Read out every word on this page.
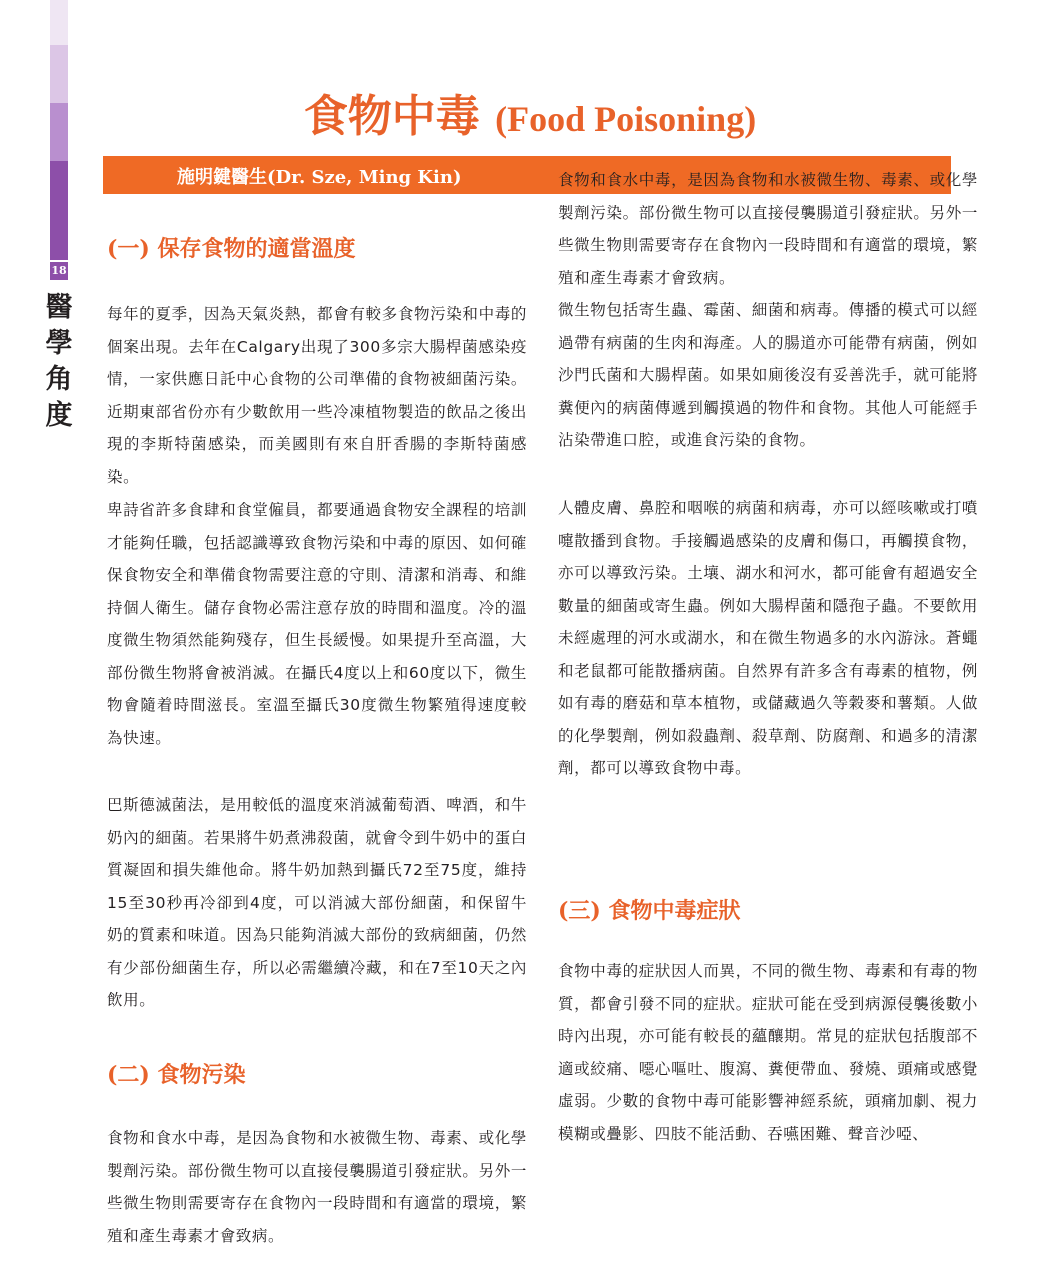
18
醫
學
角
度
食物中毒 (Food Poisoning)
施明鍵醫生(Dr. Sze, Ming Kin)
(一) 保存食物的適當溫度
每年的夏季，因為天氣炎熱，都會有較多食物污染和中毒的個案出現。去年在Calgary出現了300多宗大腸桿菌感染疫情，一家供應日託中心食物的公司準備的食物被細菌污染。近期東部省份亦有少數飲用一些冷凍植物製造的飲品之後出現的李斯特菌感染，而美國則有來自肝香腸的李斯特菌感染。
卑詩省許多食肆和食堂僱員，都要通過食物安全課程的培訓才能夠任職，包括認識導致食物污染和中毒的原因、如何確保食物安全和準備食物需要注意的守則、清潔和消毒、和維持個人衛生。儲存食物必需注意存放的時間和溫度。冷的溫度微生物須然能夠殘存，但生長緩慢。如果提升至高溫，大部份微生物將會被消滅。在攝氏4度以上和60度以下，微生物會隨着時間滋長。室溫至攝氏30度微生物繁殖得速度較為快速。
巴斯德滅菌法，是用較低的溫度來消滅葡萄酒、啤酒，和牛奶內的細菌。若果將牛奶煮沸殺菌，就會令到牛奶中的蛋白質凝固和損失維他命。將牛奶加熱到攝氏72至75度，維持15至30秒再冷卻到4度，可以消滅大部份細菌，和保留牛奶的質素和味道。因為只能夠消滅大部份的致病細菌，仍然有少部份細菌生存，所以必需繼續冷藏，和在7至10天之內飲用。
(二) 食物污染
食物和食水中毒，是因為食物和水被微生物、毒素、或化學製劑污染。部份微生物可以直接侵襲腸道引發症狀。另外一些微生物則需要寄存在食物內一段時間和有適當的環境，繁殖和產生毒素才會致病。
食物和食水中毒，是因為食物和水被微生物、毒素、或化學製劑污染。部份微生物可以直接侵襲腸道引發症狀。另外一些微生物則需要寄存在食物內一段時間和有適當的環境，繁殖和產生毒素才會致病。
微生物包括寄生蟲、霉菌、細菌和病毒。傳播的模式可以經過帶有病菌的生肉和海產。人的腸道亦可能帶有病菌，例如沙門氏菌和大腸桿菌。如果如廁後沒有妥善洗手，就可能將糞便內的病菌傳遞到觸摸過的物件和食物。其他人可能經手沾染帶進口腔，或進食污染的食物。
人體皮膚、鼻腔和咽喉的病菌和病毒，亦可以經咳嗽或打噴嚏散播到食物。手接觸過感染的皮膚和傷口，再觸摸食物，亦可以導致污染。土壤、湖水和河水，都可能會有超過安全數量的細菌或寄生蟲。例如大腸桿菌和隱孢子蟲。不要飲用未經處理的河水或湖水，和在微生物過多的水內游泳。蒼蠅和老鼠都可能散播病菌。自然界有許多含有毒素的植物，例如有毒的磨菇和草本植物，或儲藏過久等穀麥和薯類。人做的化學製劑，例如殺蟲劑、殺草劑、防腐劑、和過多的清潔劑，都可以導致食物中毒。
(三) 食物中毒症狀
食物中毒的症狀因人而異，不同的微生物、毒素和有毒的物質，都會引發不同的症狀。症狀可能在受到病源侵襲後數小時內出現，亦可能有較長的蘊釀期。常見的症狀包括腹部不適或絞痛、噁心嘔吐、腹瀉、糞便帶血、發燒、頭痛或感覺虛弱。少數的食物中毒可能影響神經系統，頭痛加劇、視力模糊或疊影、四肢不能活動、吞嚥困難、聲音沙啞、
